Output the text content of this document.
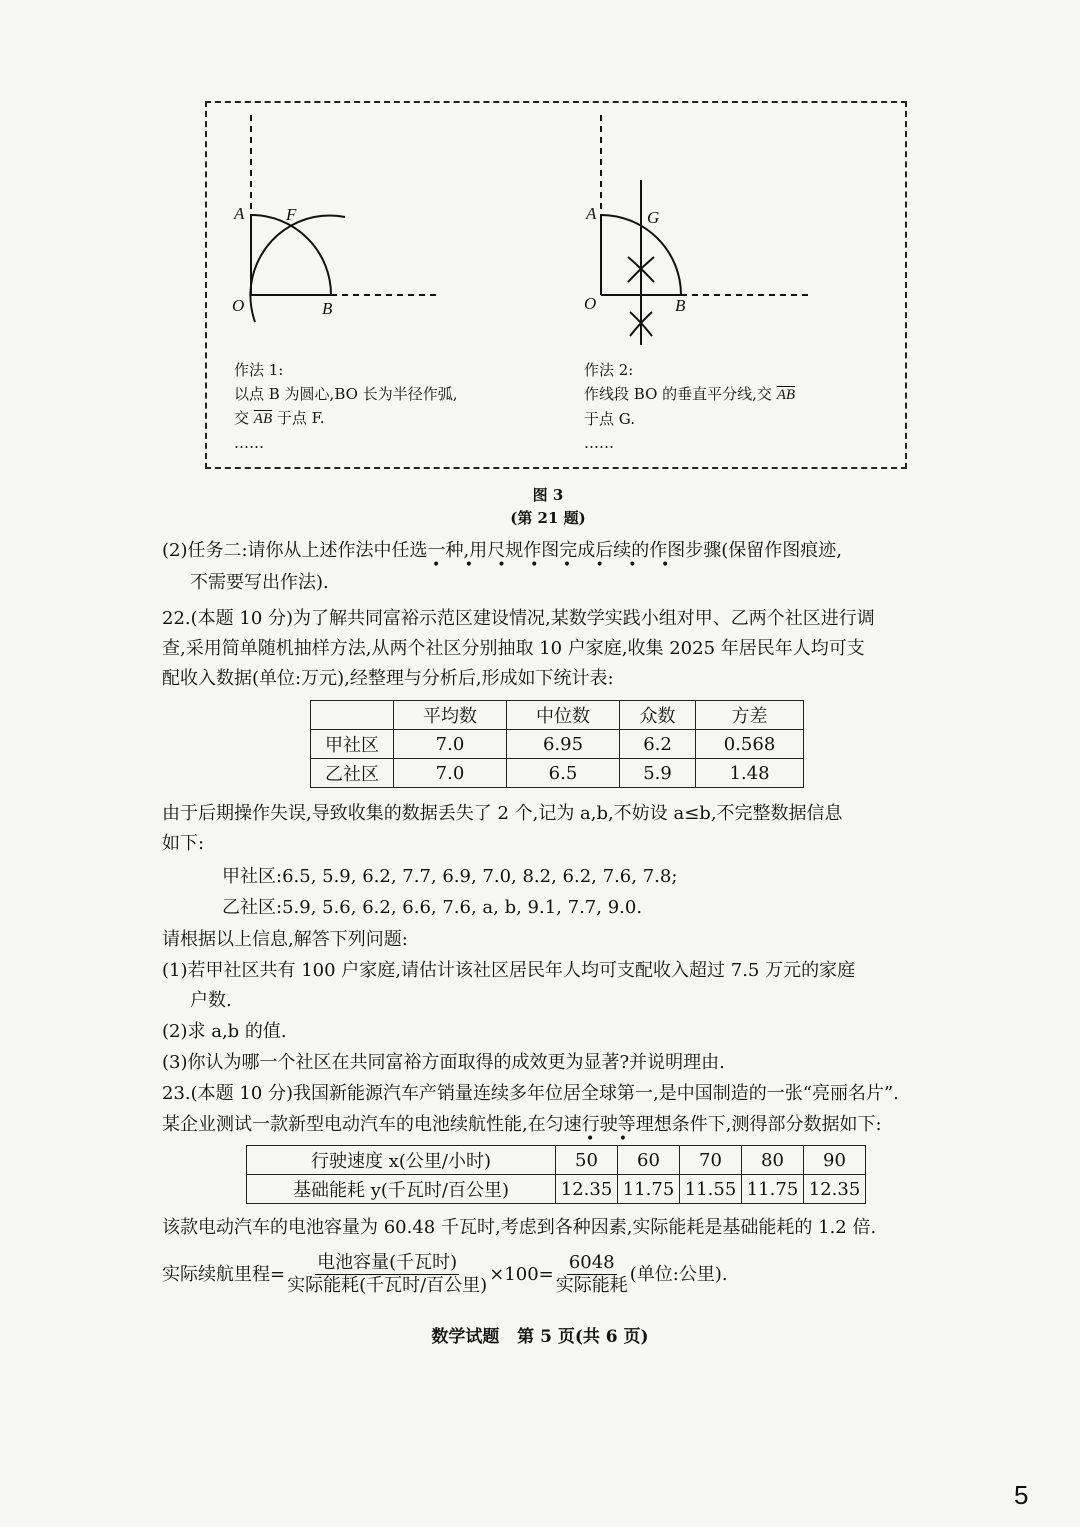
A F
O	B
A	G
O	B
作法 1:
以点 B 为圆心,BO 长为半径作弧,
交 $\overline{AB}$ 于点 F.
……
作法 2:
作线段 BO 的垂直平分线,交 $\overline{AB}$
于点 G.
……
图 3
(第 21 题)
(2)任务二:请你从上述作法中任选一种,用尺规作图完成后续的作图步骤(保留作图痕迹,
• • • • • • • •
不需要写出作法).
22.(本题 10 分)为了解共同富裕示范区建设情况,某数学实践小组对甲、乙两个社区进行调
查,采用简单随机抽样方法,从两个社区分别抽取 10 户家庭,收集 2025 年居民年人均可支
配收入数据(单位:万元),经整理与分析后,形成如下统计表:
	平均数	中位数	众数	方差
甲社区	7.0	6.95	6.2	0.568
乙社区	7.0	6.5	5.9	1.48
由于后期操作失误,导致收集的数据丢失了 2 个,记为 a,b,不妨设 a≤b,不完整数据信息
如下:
甲社区:6.5, 5.9, 6.2, 7.7, 6.9, 7.0, 8.2, 6.2, 7.6, 7.8;
乙社区:5.9, 5.6, 6.2, 6.6, 7.6, a, b, 9.1, 7.7, 9.0.
请根据以上信息,解答下列问题:
(1)若甲社区共有 100 户家庭,请估计该社区居民年人均可支配收入超过 7.5 万元的家庭
户数.
(2)求 a,b 的值.
(3)你认为哪一个社区在共同富裕方面取得的成效更为显著?并说明理由.
23.(本题 10 分)我国新能源汽车产销量连续多年位居全球第一,是中国制造的一张“亮丽名片”.
某企业测试一款新型电动汽车的电池续航性能,在匀速行驶等理想条件下,测得部分数据如下:
• •
行驶速度 x(公里/小时)	50	60	70	80	90
基础能耗 y(千瓦时/百公里)	12.35	11.75	11.55	11.75	12.35
该款电动汽车的电池容量为 60.48 千瓦时,考虑到各种因素,实际能耗是基础能耗的 1.2 倍.
实际续航里程= $\frac{\text{电池容量(千瓦时)}}{\text{实际能耗(千瓦时/百公里)}} \times 100= \frac{6048}{\text{实际能耗}}$ (单位:公里).
数学试题   第 5 页(共 6 页)
5
